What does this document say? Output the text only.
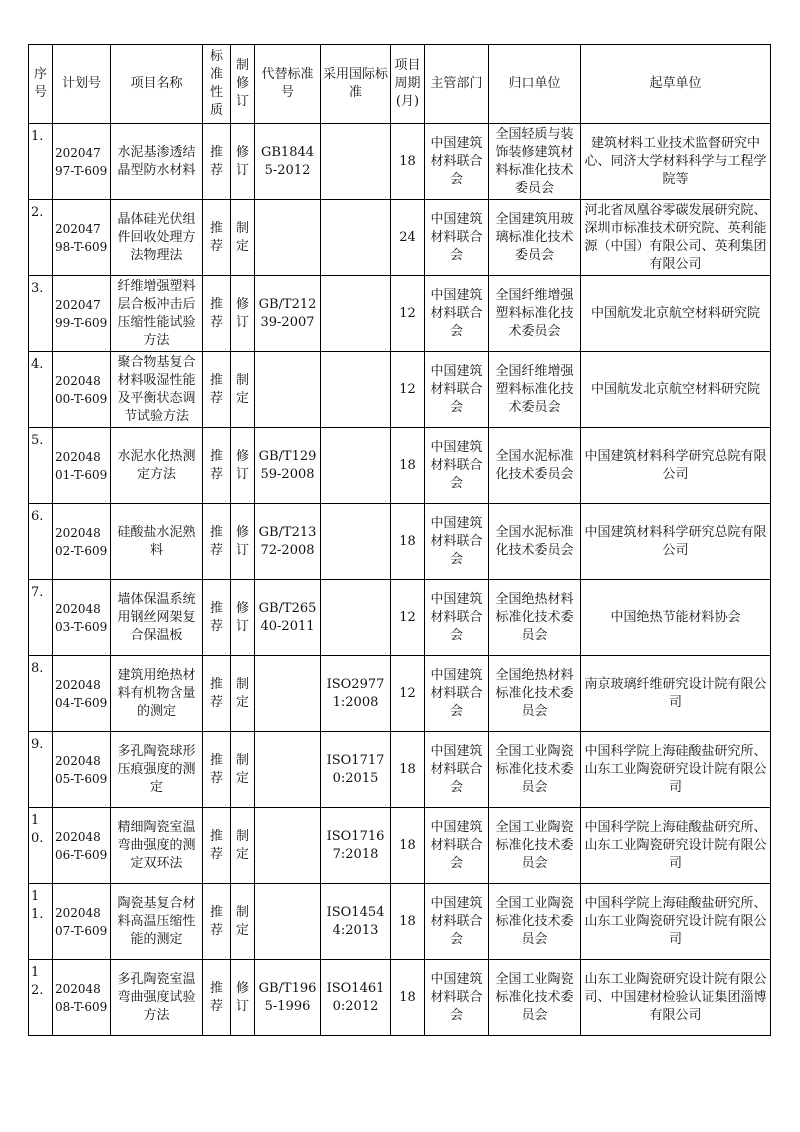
序号	计划号	项目名称	标准性质	制修订	代替标准号	采用国际标准	项目周期(月)	主管部门	归口单位	起草单位
1.	20204797-T-609	水泥基渗透结晶型防水材料	推荐	修订	GB18445-2012		18	中国建筑材料联合会	全国轻质与装饰装修建筑材料标准化技术委员会	建筑材料工业技术监督研究中心、同济大学材料科学与工程学院等
2.	20204798-T-609	晶体硅光伏组件回收处理方法物理法	推荐	制定			24	中国建筑材料联合会	全国建筑用玻璃标准化技术委员会	河北省凤凰谷零碳发展研究院、深圳市标准技术研究院、英利能源（中国）有限公司、英利集团有限公司
3.	20204799-T-609	纤维增强塑料层合板冲击后压缩性能试验方法	推荐	修订	GB/T21239-2007		12	中国建筑材料联合会	全国纤维增强塑料标准化技术委员会	中国航发北京航空材料研究院
4.	20204800-T-609	聚合物基复合材料吸湿性能及平衡状态调节试验方法	推荐	制定			12	中国建筑材料联合会	全国纤维增强塑料标准化技术委员会	中国航发北京航空材料研究院
5.	20204801-T-609	水泥水化热测定方法	推荐	修订	GB/T12959-2008		18	中国建筑材料联合会	全国水泥标准化技术委员会	中国建筑材料科学研究总院有限公司
6.	20204802-T-609	硅酸盐水泥熟料	推荐	修订	GB/T21372-2008		18	中国建筑材料联合会	全国水泥标准化技术委员会	中国建筑材料科学研究总院有限公司
7.	20204803-T-609	墙体保温系统用钢丝网架复合保温板	推荐	修订	GB/T26540-2011		12	中国建筑材料联合会	全国绝热材料标准化技术委员会	中国绝热节能材料协会
8.	20204804-T-609	建筑用绝热材料有机物含量的测定	推荐	制定		ISO29771:2008	12	中国建筑材料联合会	全国绝热材料标准化技术委员会	南京玻璃纤维研究设计院有限公司
9.	20204805-T-609	多孔陶瓷球形压痕强度的测定	推荐	制定		ISO17170:2015	18	中国建筑材料联合会	全国工业陶瓷标准化技术委员会	中国科学院上海硅酸盐研究所、山东工业陶瓷研究设计院有限公司
10.	20204806-T-609	精细陶瓷室温弯曲强度的测定双环法	推荐	制定		ISO17167:2018	18	中国建筑材料联合会	全国工业陶瓷标准化技术委员会	中国科学院上海硅酸盐研究所、山东工业陶瓷研究设计院有限公司
11.	20204807-T-609	陶瓷基复合材料高温压缩性能的测定	推荐	制定		ISO14544:2013	18	中国建筑材料联合会	全国工业陶瓷标准化技术委员会	中国科学院上海硅酸盐研究所、山东工业陶瓷研究设计院有限公司
12.	20204808-T-609	多孔陶瓷室温弯曲强度试验方法	推荐	修订	GB/T1965-1996	ISO14610:2012	18	中国建筑材料联合会	全国工业陶瓷标准化技术委员会	山东工业陶瓷研究设计院有限公司、中国建材检验认证集团淄博有限公司
